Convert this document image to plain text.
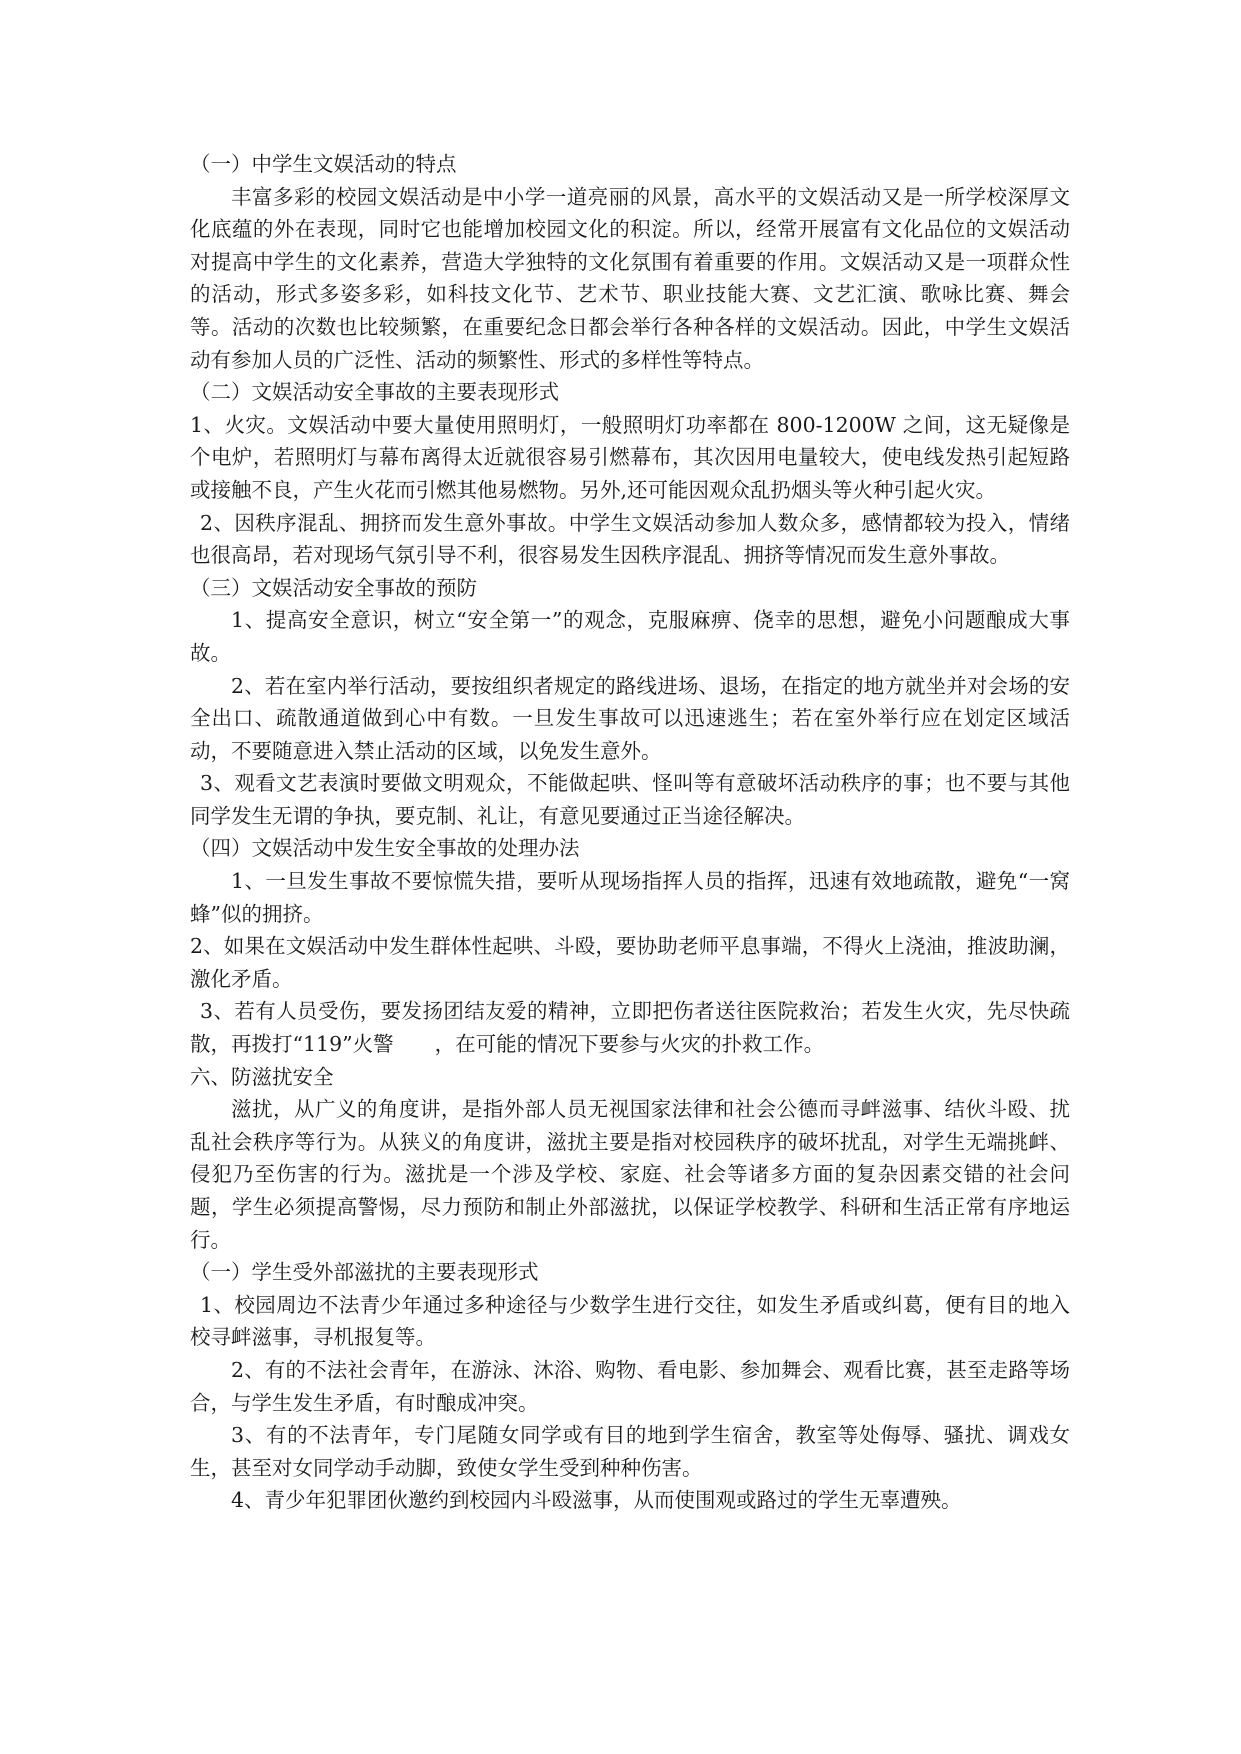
（一）中学生文娱活动的特点

丰富多彩的校园文娱活动是中小学一道亮丽的风景，高水平的文娱活动又是一所学校深厚文化底蕴的外在表现，同时它也能增加校园文化的积淀。所以，经常开展富有文化品位的文娱活动对提高中学生的文化素养，营造大学独特的文化氛围有着重要的作用。文娱活动又是一项群众性的活动，形式多姿多彩，如科技文化节、艺术节、职业技能大赛、文艺汇演、歌咏比赛、舞会等。活动的次数也比较频繁，在重要纪念日都会举行各种各样的文娱活动。因此，中学生文娱活动有参加人员的广泛性、活动的频繁性、形式的多样性等特点。

（二）文娱活动安全事故的主要表现形式

1、火灾。文娱活动中要大量使用照明灯，一般照明灯功率都在 800-1200W 之间，这无疑像是个电炉，若照明灯与幕布离得太近就很容易引燃幕布，其次因用电量较大，使电线发热引起短路或接触不良，产生火花而引燃其他易燃物。另外,还可能因观众乱扔烟头等火种引起火灾。

2、因秩序混乱、拥挤而发生意外事故。中学生文娱活动参加人数众多，感情都较为投入，情绪也很高昂，若对现场气氛引导不利，很容易发生因秩序混乱、拥挤等情况而发生意外事故。

（三）文娱活动安全事故的预防

1、提高安全意识，树立“安全第一”的观念，克服麻痹、侥幸的思想，避免小问题酿成大事故。

2、若在室内举行活动，要按组织者规定的路线进场、退场，在指定的地方就坐并对会场的安全出口、疏散通道做到心中有数。一旦发生事故可以迅速逃生；若在室外举行应在划定区域活动，不要随意进入禁止活动的区域，以免发生意外。

3、观看文艺表演时要做文明观众，不能做起哄、怪叫等有意破坏活动秩序的事；也不要与其他同学发生无谓的争执，要克制、礼让，有意见要通过正当途径解决。

（四）文娱活动中发生安全事故的处理办法

1、一旦发生事故不要惊慌失措，要听从现场指挥人员的指挥，迅速有效地疏散，避免“一窝蜂”似的拥挤。

2、如果在文娱活动中发生群体性起哄、斗殴，要协助老师平息事端，不得火上浇油，推波助澜，激化矛盾。

3、若有人员受伤，要发扬团结友爱的精神，立即把伤者送往医院救治；若发生火灾，先尽快疏散，再拨打“119”火警　　，在可能的情况下要参与火灾的扑救工作。

六、防滋扰安全

滋扰，从广义的角度讲，是指外部人员无视国家法律和社会公德而寻衅滋事、结伙斗殴、扰乱社会秩序等行为。从狭义的角度讲，滋扰主要是指对校园秩序的破坏扰乱，对学生无端挑衅、侵犯乃至伤害的行为。滋扰是一个涉及学校、家庭、社会等诸多方面的复杂因素交错的社会问题，学生必须提高警惕，尽力预防和制止外部滋扰，以保证学校教学、科研和生活正常有序地运行。

（一）学生受外部滋扰的主要表现形式

1、校园周边不法青少年通过多种途径与少数学生进行交往，如发生矛盾或纠葛，便有目的地入校寻衅滋事，寻机报复等。

2、有的不法社会青年，在游泳、沐浴、购物、看电影、参加舞会、观看比赛，甚至走路等场合，与学生发生矛盾，有时酿成冲突。

3、有的不法青年，专门尾随女同学或有目的地到学生宿舍，教室等处侮辱、骚扰、调戏女生，甚至对女同学动手动脚，致使女学生受到种种伤害。

4、青少年犯罪团伙邀约到校园内斗殴滋事，从而使围观或路过的学生无辜遭殃。
